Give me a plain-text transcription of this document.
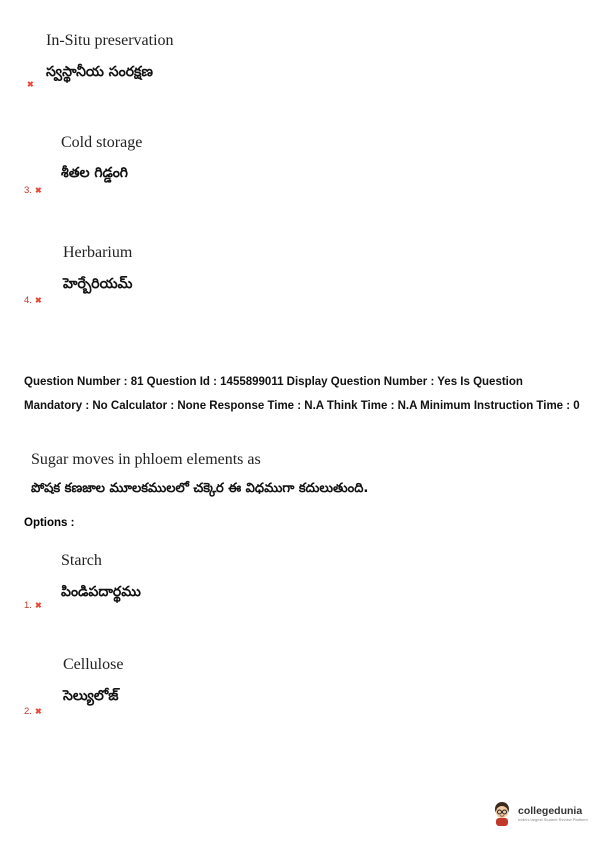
In-Situ preservation
స్వస్థానీయ సంరక్షణ
✖
Cold storage
శీతల గిడ్డంగి
3. ✖
Herbarium
హెర్బేరియమ్
4. ✖
Question Number : 81 Question Id : 1455899011 Display Question Number : Yes Is Question Mandatory : No Calculator : None Response Time : N.A Think Time : N.A Minimum Instruction Time : 0
Sugar moves in phloem elements as
పోషక కణజాల మూలకములలో చక్కెర ఈ విధముగా కదులుతుంది.
Options :
Starch
పిండిపదార్థము
1. ✖
Cellulose
సెల్యులోజ్
2. ✖
collegedunia
India's largest Student Review Platform
